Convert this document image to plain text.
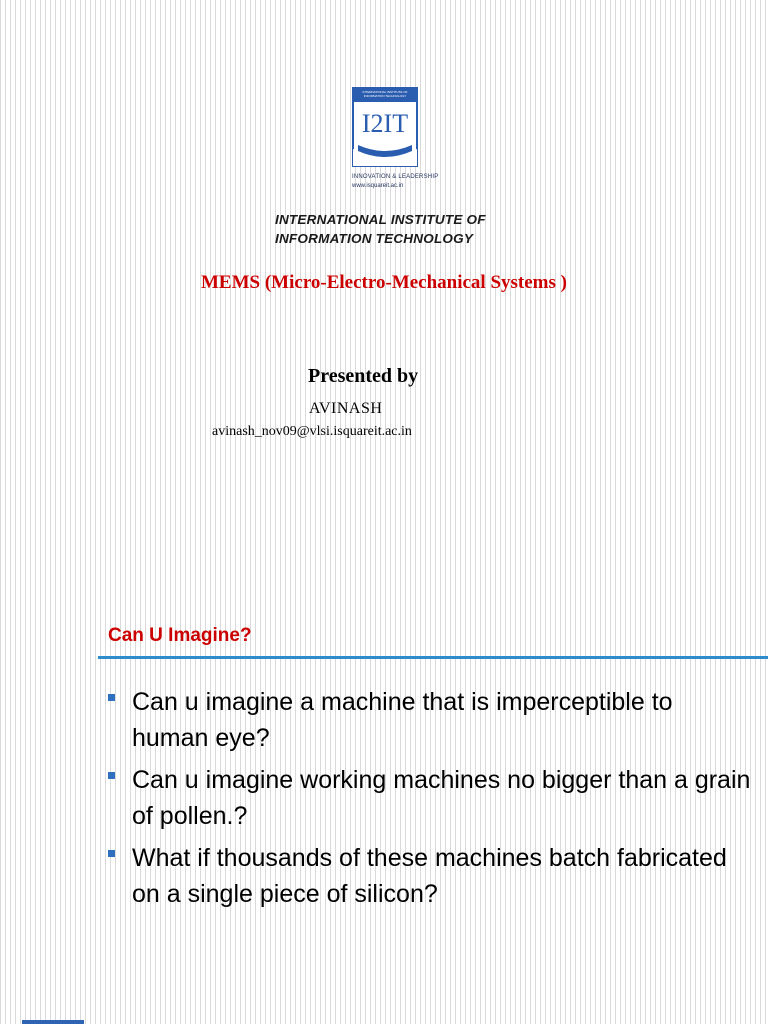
INTERNATIONAL INSTITUTE OF INFORMATION TECHNOLOGY
I2IT
INNOVATION & LEADERSHIP
www.isquareit.ac.in
INTERNATIONAL INSTITUTE OF
INFORMATION TECHNOLOGY
MEMS (Micro-Electro-Mechanical Systems )
Presented by
AVINASH
avinash_nov09@vlsi.isquareit.ac.in
Can U Imagine?
Can u imagine a machine that is imperceptible to human eye?
Can u imagine working machines no bigger than a grain of pollen.?
What if thousands of these machines batch fabricated on a single piece of silicon?
